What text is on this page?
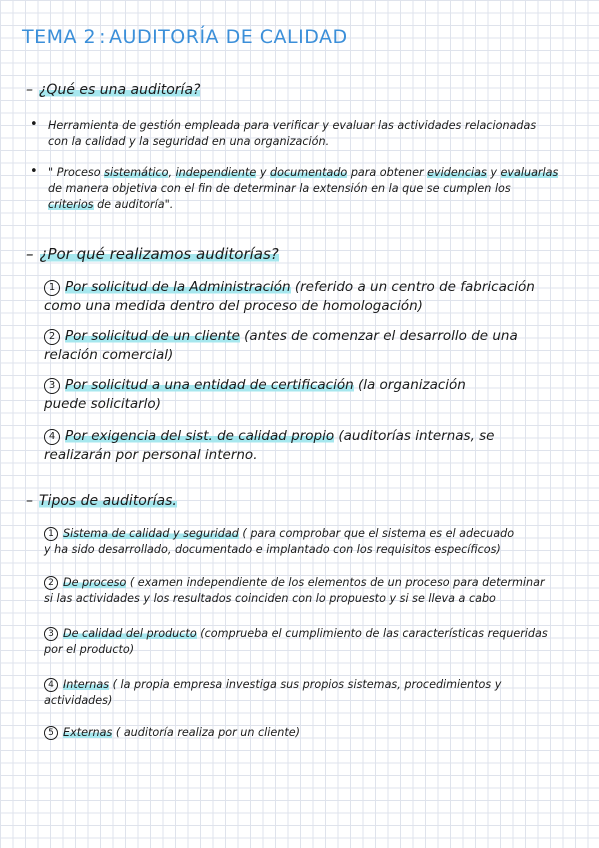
TEMA 2 : AUDITORÍA DE CALIDAD
– ¿Qué es una auditoría?
• Herramienta de gestión empleada para verificar y evaluar las actividades relacionadas
con la calidad y la seguridad en una organización.
• " Proceso sistemático, independiente y documentado para obtener evidencias y evaluarlas
de manera objetiva con el fin de determinar la extensión en la que se cumplen los
criterios de auditoría".
– ¿Por qué realizamos auditorías?
1 Por solicitud de la Administración (referido a un centro de fabricación
como una medida dentro del proceso de homologación)
2 Por solicitud de un cliente (antes de comenzar el desarrollo de una
relación comercial)
3 Por solicitud a una entidad de certificación (la organización
puede solicitarlo)
4 Por exigencia del sist. de calidad propio (auditorías internas, se
realizarán por personal interno.
– Tipos de auditorías.
1 Sistema de calidad y seguridad ( para comprobar que el sistema es el adecuado
y ha sido desarrollado, documentado e implantado con los requisitos específicos)
2 De proceso ( examen independiente de los elementos de un proceso para determinar
si las actividades y los resultados coinciden con lo propuesto y si se lleva a cabo
3 De calidad del producto (comprueba el cumplimiento de las características requeridas
por el producto)
4 Internas ( la propia empresa investiga sus propios sistemas, procedimientos y
actividades)
5 Externas ( auditoría realiza por un cliente)
